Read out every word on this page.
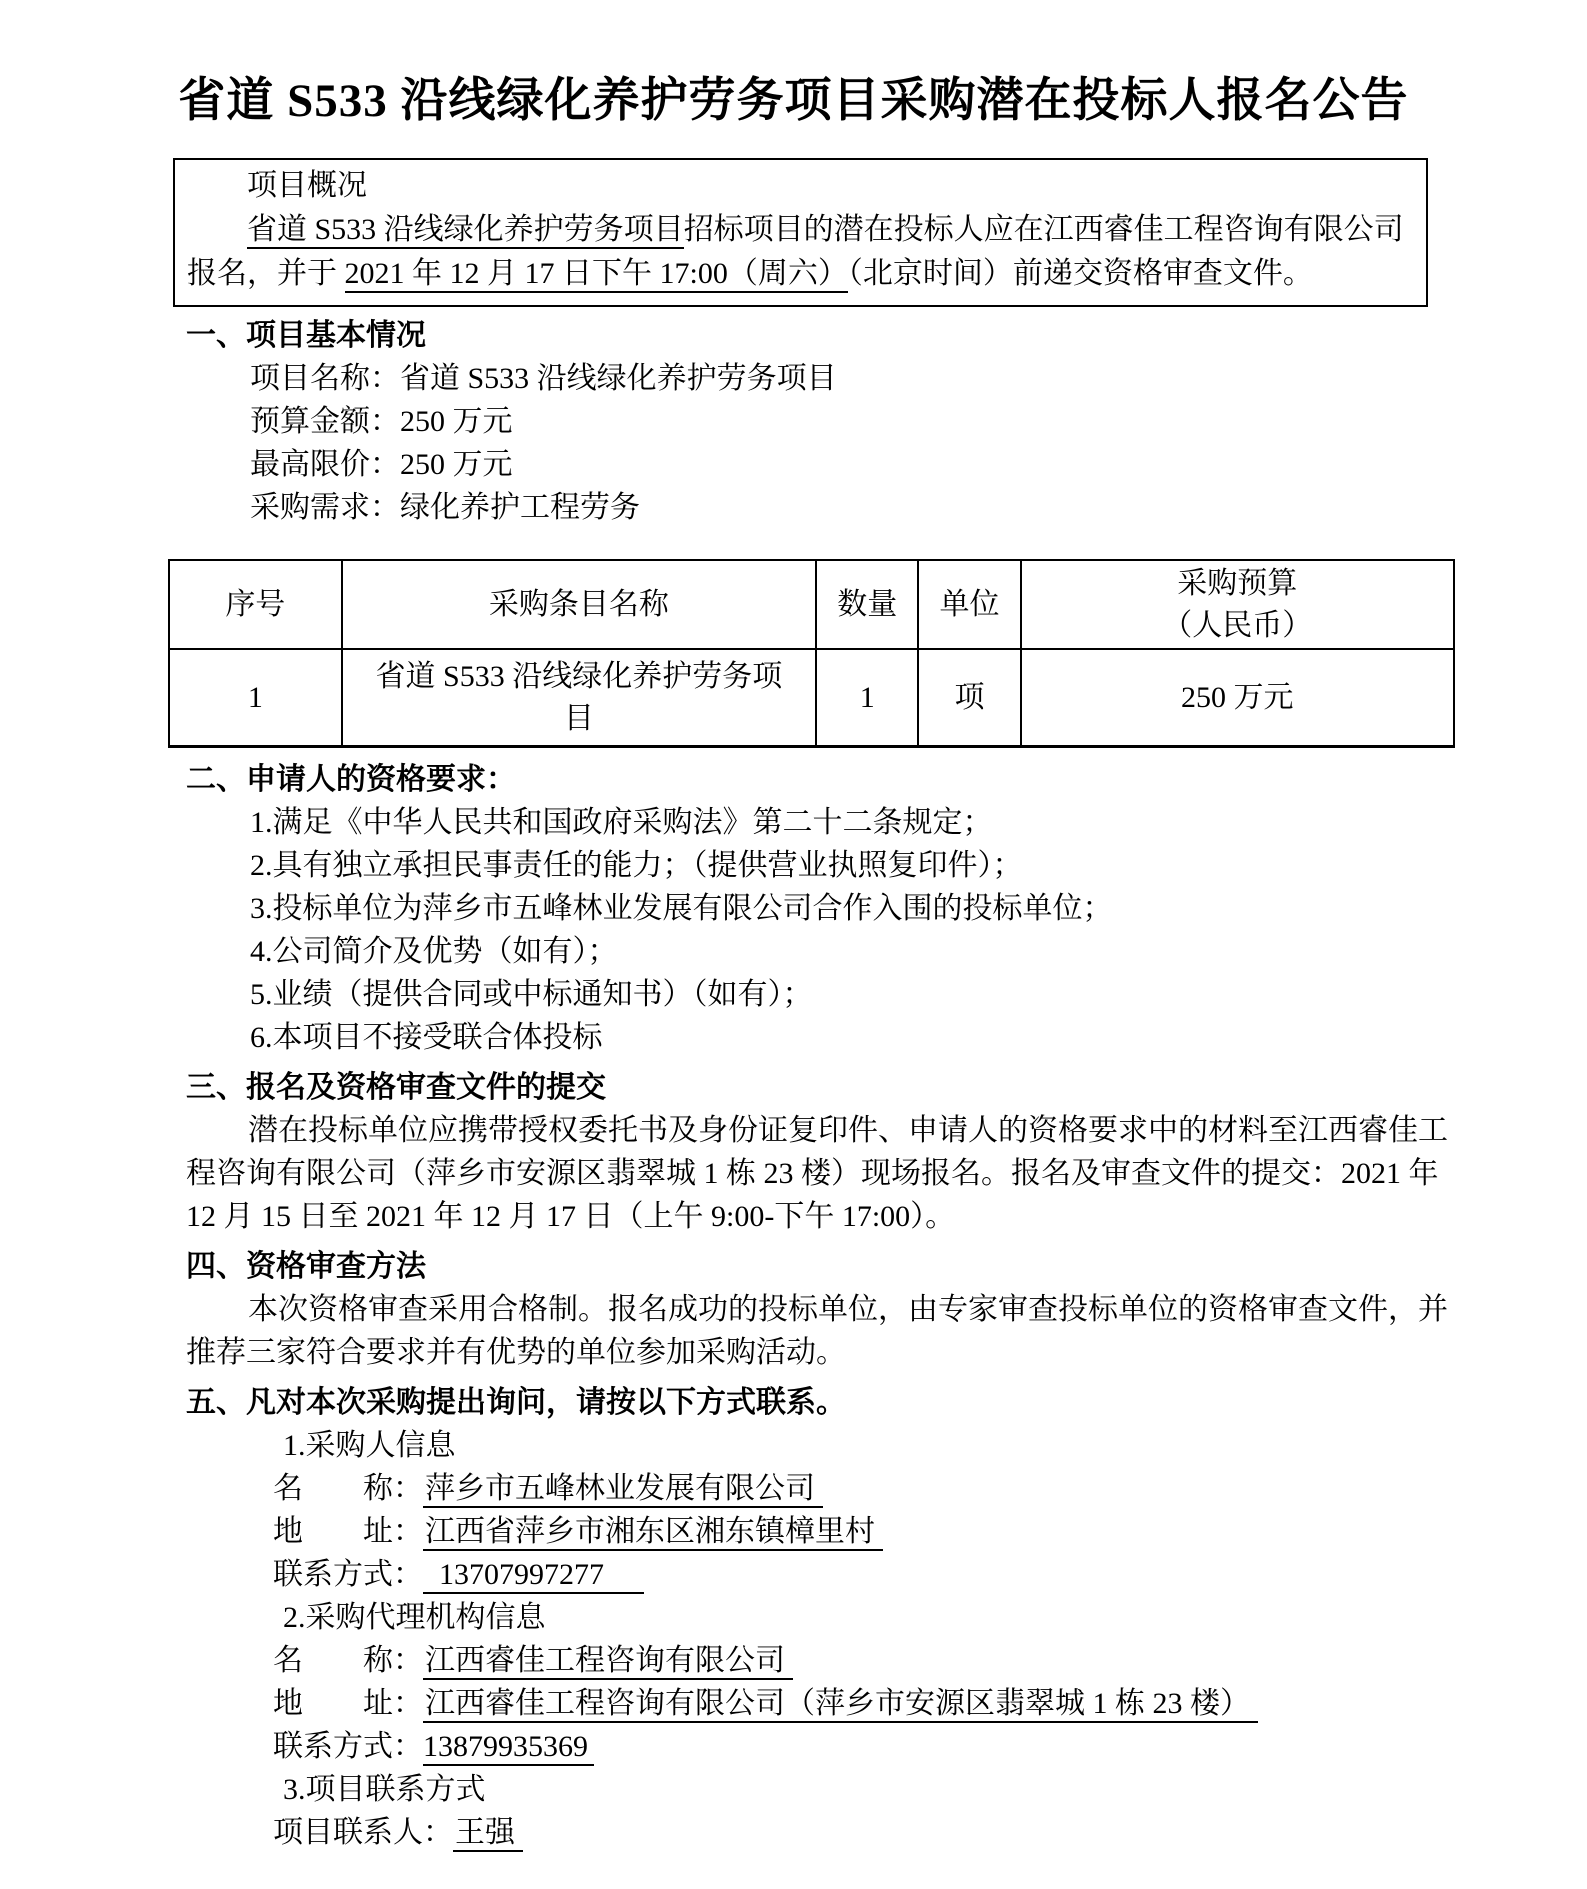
省道 S533 沿线绿化养护劳务项目采购潜在投标人报名公告
项目概况

省道 S533 沿线绿化养护劳务项目招标项目的潜在投标人应在江西睿佳工程咨询有限公司报名，并于 2021 年 12 月 17 日下午 17:00（周六）（北京时间）前递交资格审查文件。

一、项目基本情况
项目名称：省道 S533 沿线绿化养护劳务项目
预算金额：250 万元
最高限价：250 万元
采购需求：绿化养护工程劳务
序号	采购条目名称	数量	单位	采购预算
（人民币）

1	省道 S533 沿线绿化养护劳务项目	1	项	250 万元
二、申请人的资格要求：
1.满足《中华人民共和国政府采购法》第二十二条规定；
2.具有独立承担民事责任的能力；（提供营业执照复印件）；
3.投标单位为萍乡市五峰林业发展有限公司合作入围的投标单位；
4.公司简介及优势（如有）；
5.业绩（提供合同或中标通知书）（如有）；
6.本项目不接受联合体投标
三、报名及资格审查文件的提交

潜在投标单位应携带授权委托书及身份证复印件、申请人的资格要求中的材料至江西睿佳工程咨询有限公司（萍乡市安源区翡翠城 1 栋 23 楼）现场报名。报名及审查文件的提交：2021 年 12 月 15 日至 2021 年 12 月 17 日（上午 9:00-下午 17:00）。

四、资格审查方法

本次资格审查采用合格制。报名成功的投标单位，由专家审查投标单位的资格审查文件，并推荐三家符合要求并有优势的单位参加采购活动。

五、凡对本次采购提出询问，请按以下方式联系。
1.采购人信息
名　　称：萍乡市五峰林业发展有限公司
地　　址：江西省萍乡市湘东区湘东镇樟里村
联系方式： 13707997277
2.采购代理机构信息
名　　称：江西睿佳工程咨询有限公司
地　　址：江西睿佳工程咨询有限公司（萍乡市安源区翡翠城 1 栋 23 楼）
联系方式：13879935369
3.项目联系方式
项目联系人：王强
